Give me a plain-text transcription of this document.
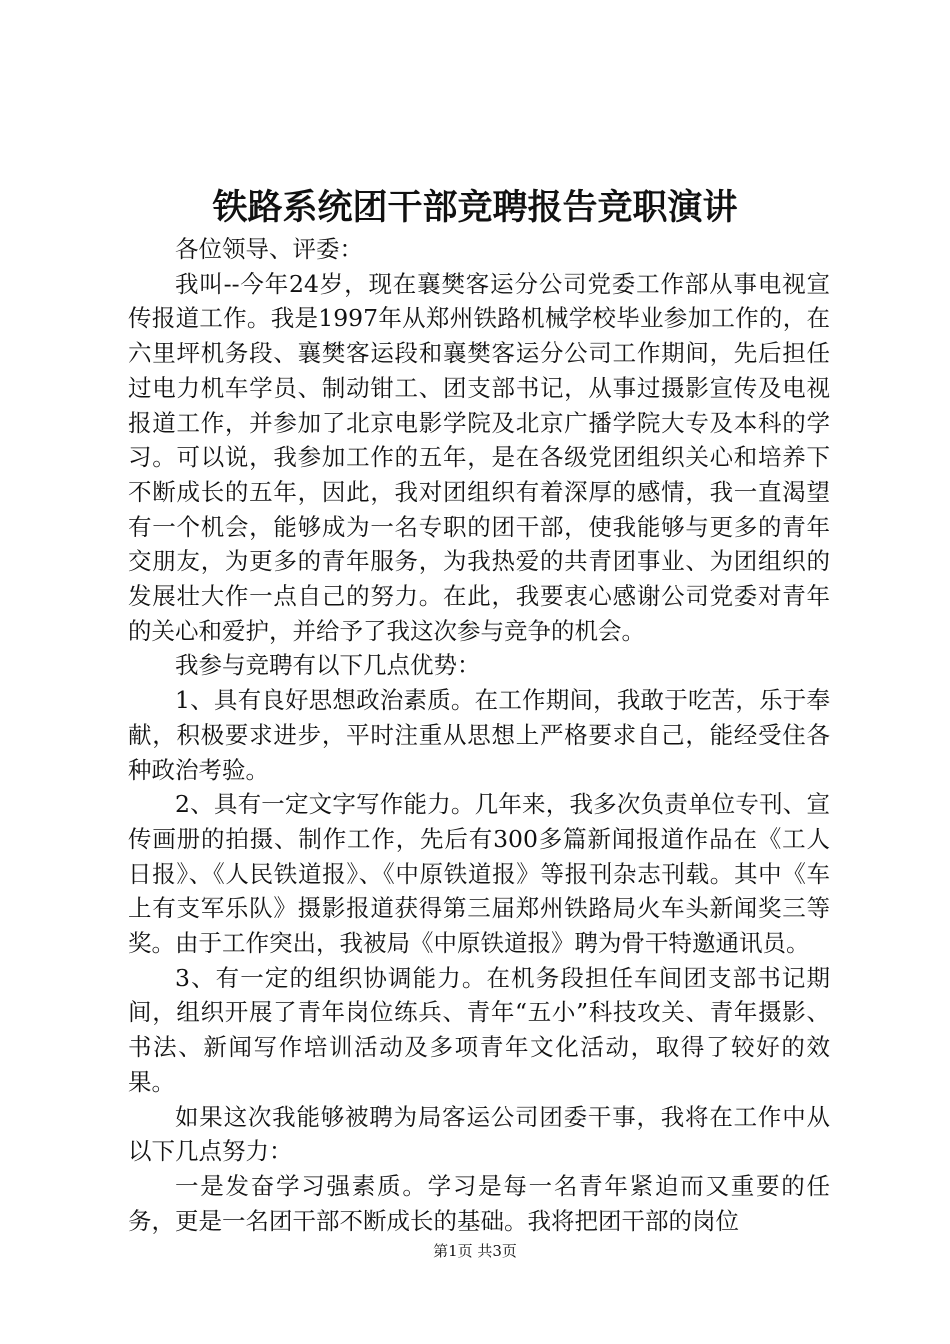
铁路系统团干部竞聘报告竞职演讲

各位领导、评委：

我叫--今年24岁，现在襄樊客运分公司党委工作部从事电视宣传报道工作。我是1997年从郑州铁路机械学校毕业参加工作的，在六里坪机务段、襄樊客运段和襄樊客运分公司工作期间，先后担任过电力机车学员、制动钳工、团支部书记，从事过摄影宣传及电视报道工作，并参加了北京电影学院及北京广播学院大专及本科的学习。可以说，我参加工作的五年，是在各级党团组织关心和培养下不断成长的五年，因此，我对团组织有着深厚的感情，我一直渴望有一个机会，能够成为一名专职的团干部，使我能够与更多的青年交朋友，为更多的青年服务，为我热爱的共青团事业、为团组织的发展壮大作一点自己的努力。在此，我要衷心感谢公司党委对青年的关心和爱护，并给予了我这次参与竞争的机会。

我参与竞聘有以下几点优势：

1、具有良好思想政治素质。在工作期间，我敢于吃苦，乐于奉献，积极要求进步，平时注重从思想上严格要求自己，能经受住各种政治考验。

2、具有一定文字写作能力。几年来，我多次负责单位专刊、宣传画册的拍摄、制作工作，先后有300多篇新闻报道作品在《工人日报》、《人民铁道报》、《中原铁道报》等报刊杂志刊载。其中《车上有支军乐队》摄影报道获得第三届郑州铁路局火车头新闻奖三等奖。由于工作突出，我被局《中原铁道报》聘为骨干特邀通讯员。

3、有一定的组织协调能力。在机务段担任车间团支部书记期间，组织开展了青年岗位练兵、青年“五小”科技攻关、青年摄影、书法、新闻写作培训活动及多项青年文化活动，取得了较好的效果。

如果这次我能够被聘为局客运公司团委干事，我将在工作中从以下几点努力：

一是发奋学习强素质。学习是每一名青年紧迫而又重要的任务，更是一名团干部不断成长的基础。我将把团干部的岗位

第1页 共3页
